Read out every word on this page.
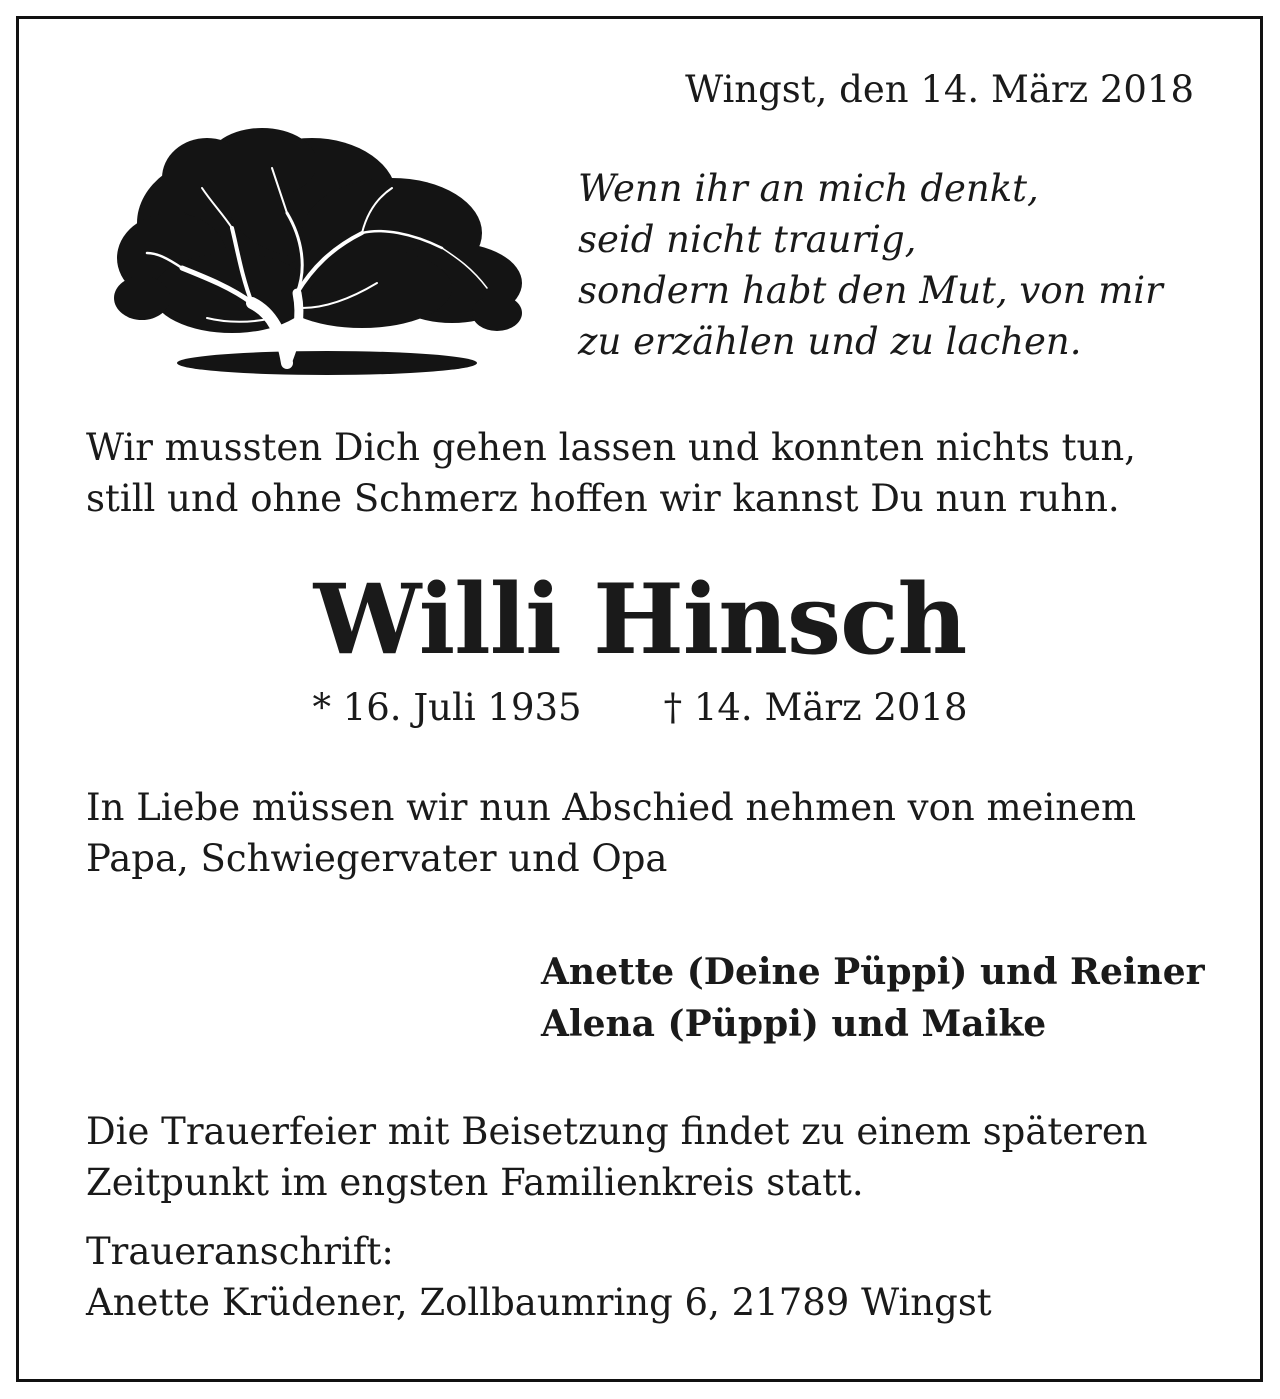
Wingst, den 14. März 2018

Wenn ihr an mich denkt,
seid nicht traurig,
sondern habt den Mut, von mir
zu erzählen und zu lachen.
Wir mussten Dich gehen lassen und konnten nichts tun,
still und ohne Schmerz hoffen wir kannst Du nun ruhn.
Willi Hinsch
* 16. Juli 1935 † 14. März 2018
In Liebe müssen wir nun Abschied nehmen von meinem
Papa, Schwiegervater und Opa
Anette (Deine Püppi) und Reiner
Alena (Püppi) und Maike
Die Trauerfeier mit Beisetzung findet zu einem späteren
Zeitpunkt im engsten Familienkreis statt.
Traueranschrift:
Anette Krüdener, Zollbaumring 6, 21789 Wingst
